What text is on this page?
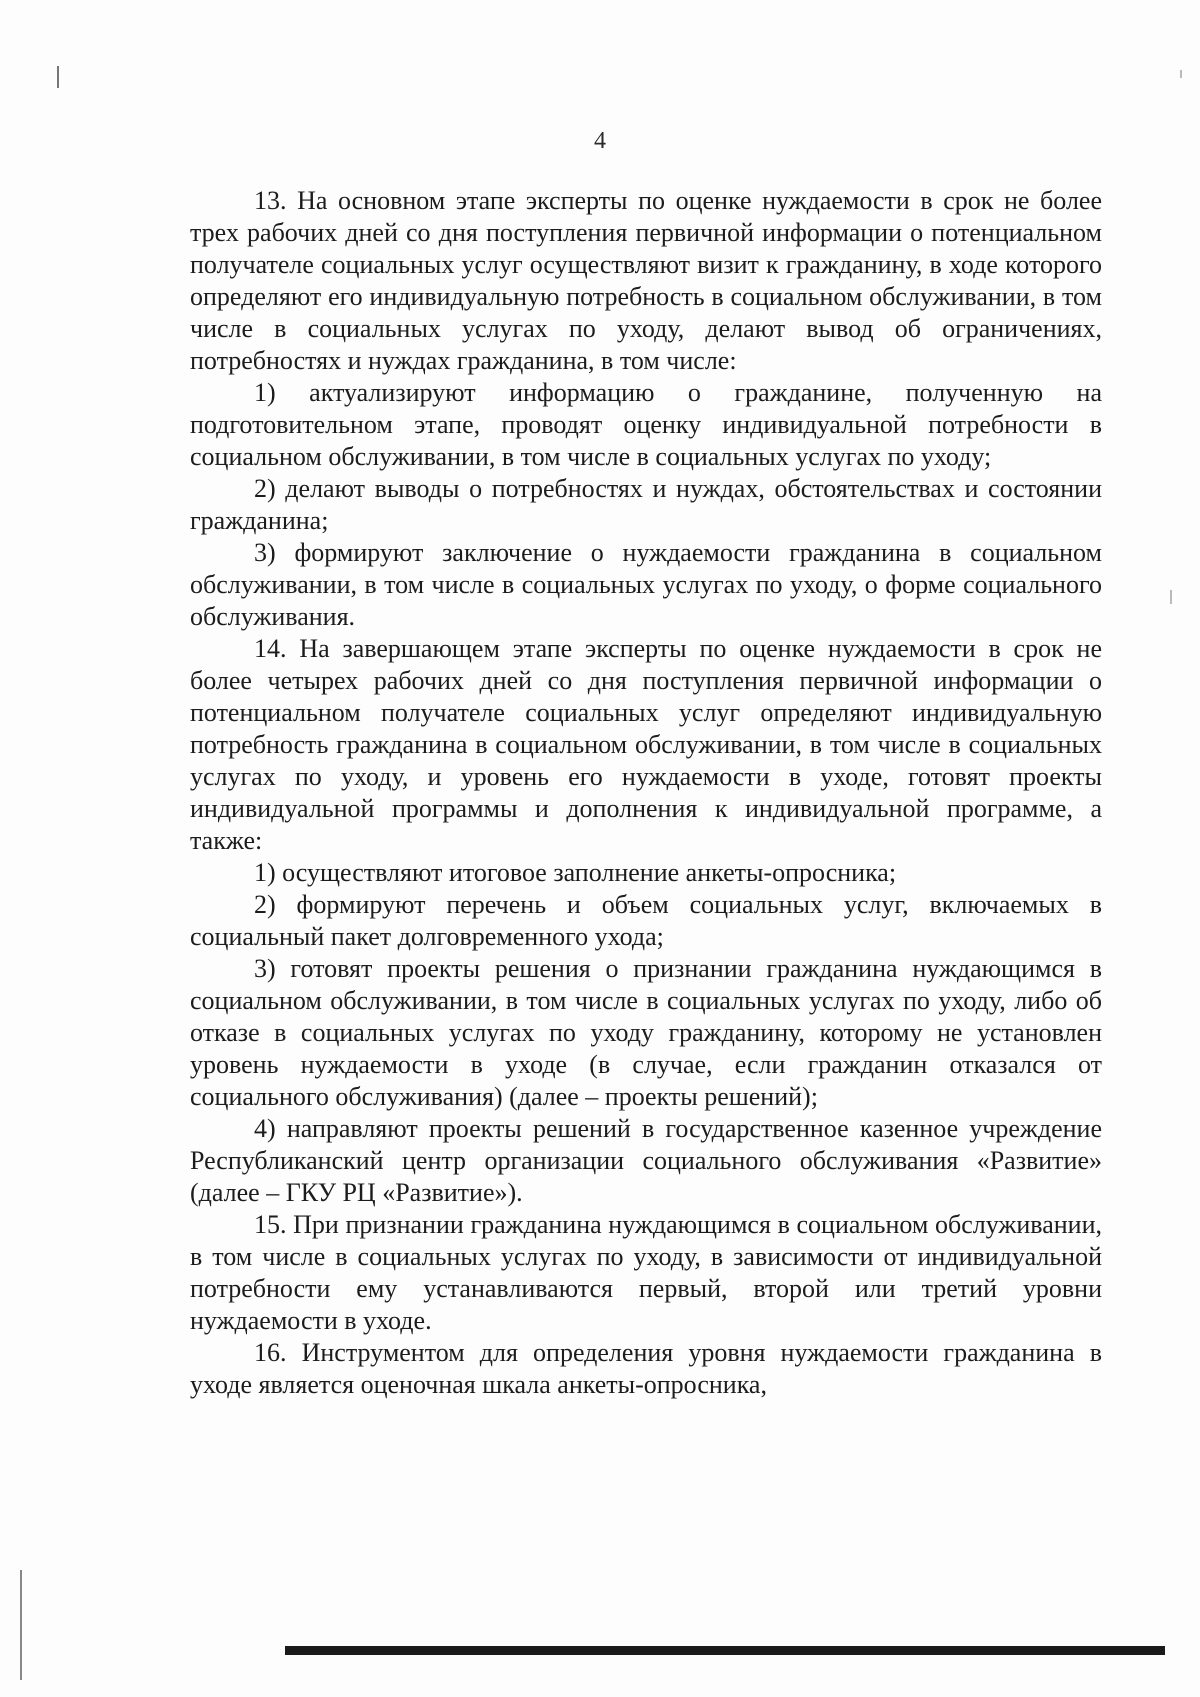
4

13. На основном этапе эксперты по оценке нуждаемости в срок не более трех рабочих дней со дня поступления первичной информации о потенциальном получателе социальных услуг осуществляют визит к гражданину, в ходе которого определяют его индивидуальную потребность в социальном обслуживании, в том числе в социальных услугах по уходу, делают вывод об ограничениях, потребностях и нуждах гражданина, в том числе:

1) актуализируют информацию о гражданине, полученную на подготовительном этапе, проводят оценку индивидуальной потребности в социальном обслуживании, в том числе в социальных услугах по уходу;

2) делают выводы о потребностях и нуждах, обстоятельствах и состоянии гражданина;

3) формируют заключение о нуждаемости гражданина в социальном обслуживании, в том числе в социальных услугах по уходу, о форме социального обслуживания.

14. На завершающем этапе эксперты по оценке нуждаемости в срок не более четырех рабочих дней со дня поступления первичной информации о потенциальном получателе социальных услуг определяют индивидуальную потребность гражданина в социальном обслуживании, в том числе в социальных услугах по уходу, и уровень его нуждаемости в уходе, готовят проекты индивидуальной программы и дополнения к индивидуальной программе, а также:

1) осуществляют итоговое заполнение анкеты-опросника;

2) формируют перечень и объем социальных услуг, включаемых в социальный пакет долговременного ухода;

3) готовят проекты решения о признании гражданина нуждающимся в социальном обслуживании, в том числе в социальных услугах по уходу, либо об отказе в социальных услугах по уходу гражданину, которому не установлен уровень нуждаемости в уходе (в случае, если гражданин отказался от социального обслуживания) (далее – проекты решений);

4) направляют проекты решений в государственное казенное учреждение Республиканский центр организации социального обслуживания «Развитие» (далее – ГКУ РЦ «Развитие»).

15. При признании гражданина нуждающимся в социальном обслуживании, в том числе в социальных услугах по уходу, в зависимости от индивидуальной потребности ему устанавливаются первый, второй или третий уровни нуждаемости в уходе.

16. Инструментом для определения уровня нуждаемости гражданина в уходе является оценочная шкала анкеты-опросника,
